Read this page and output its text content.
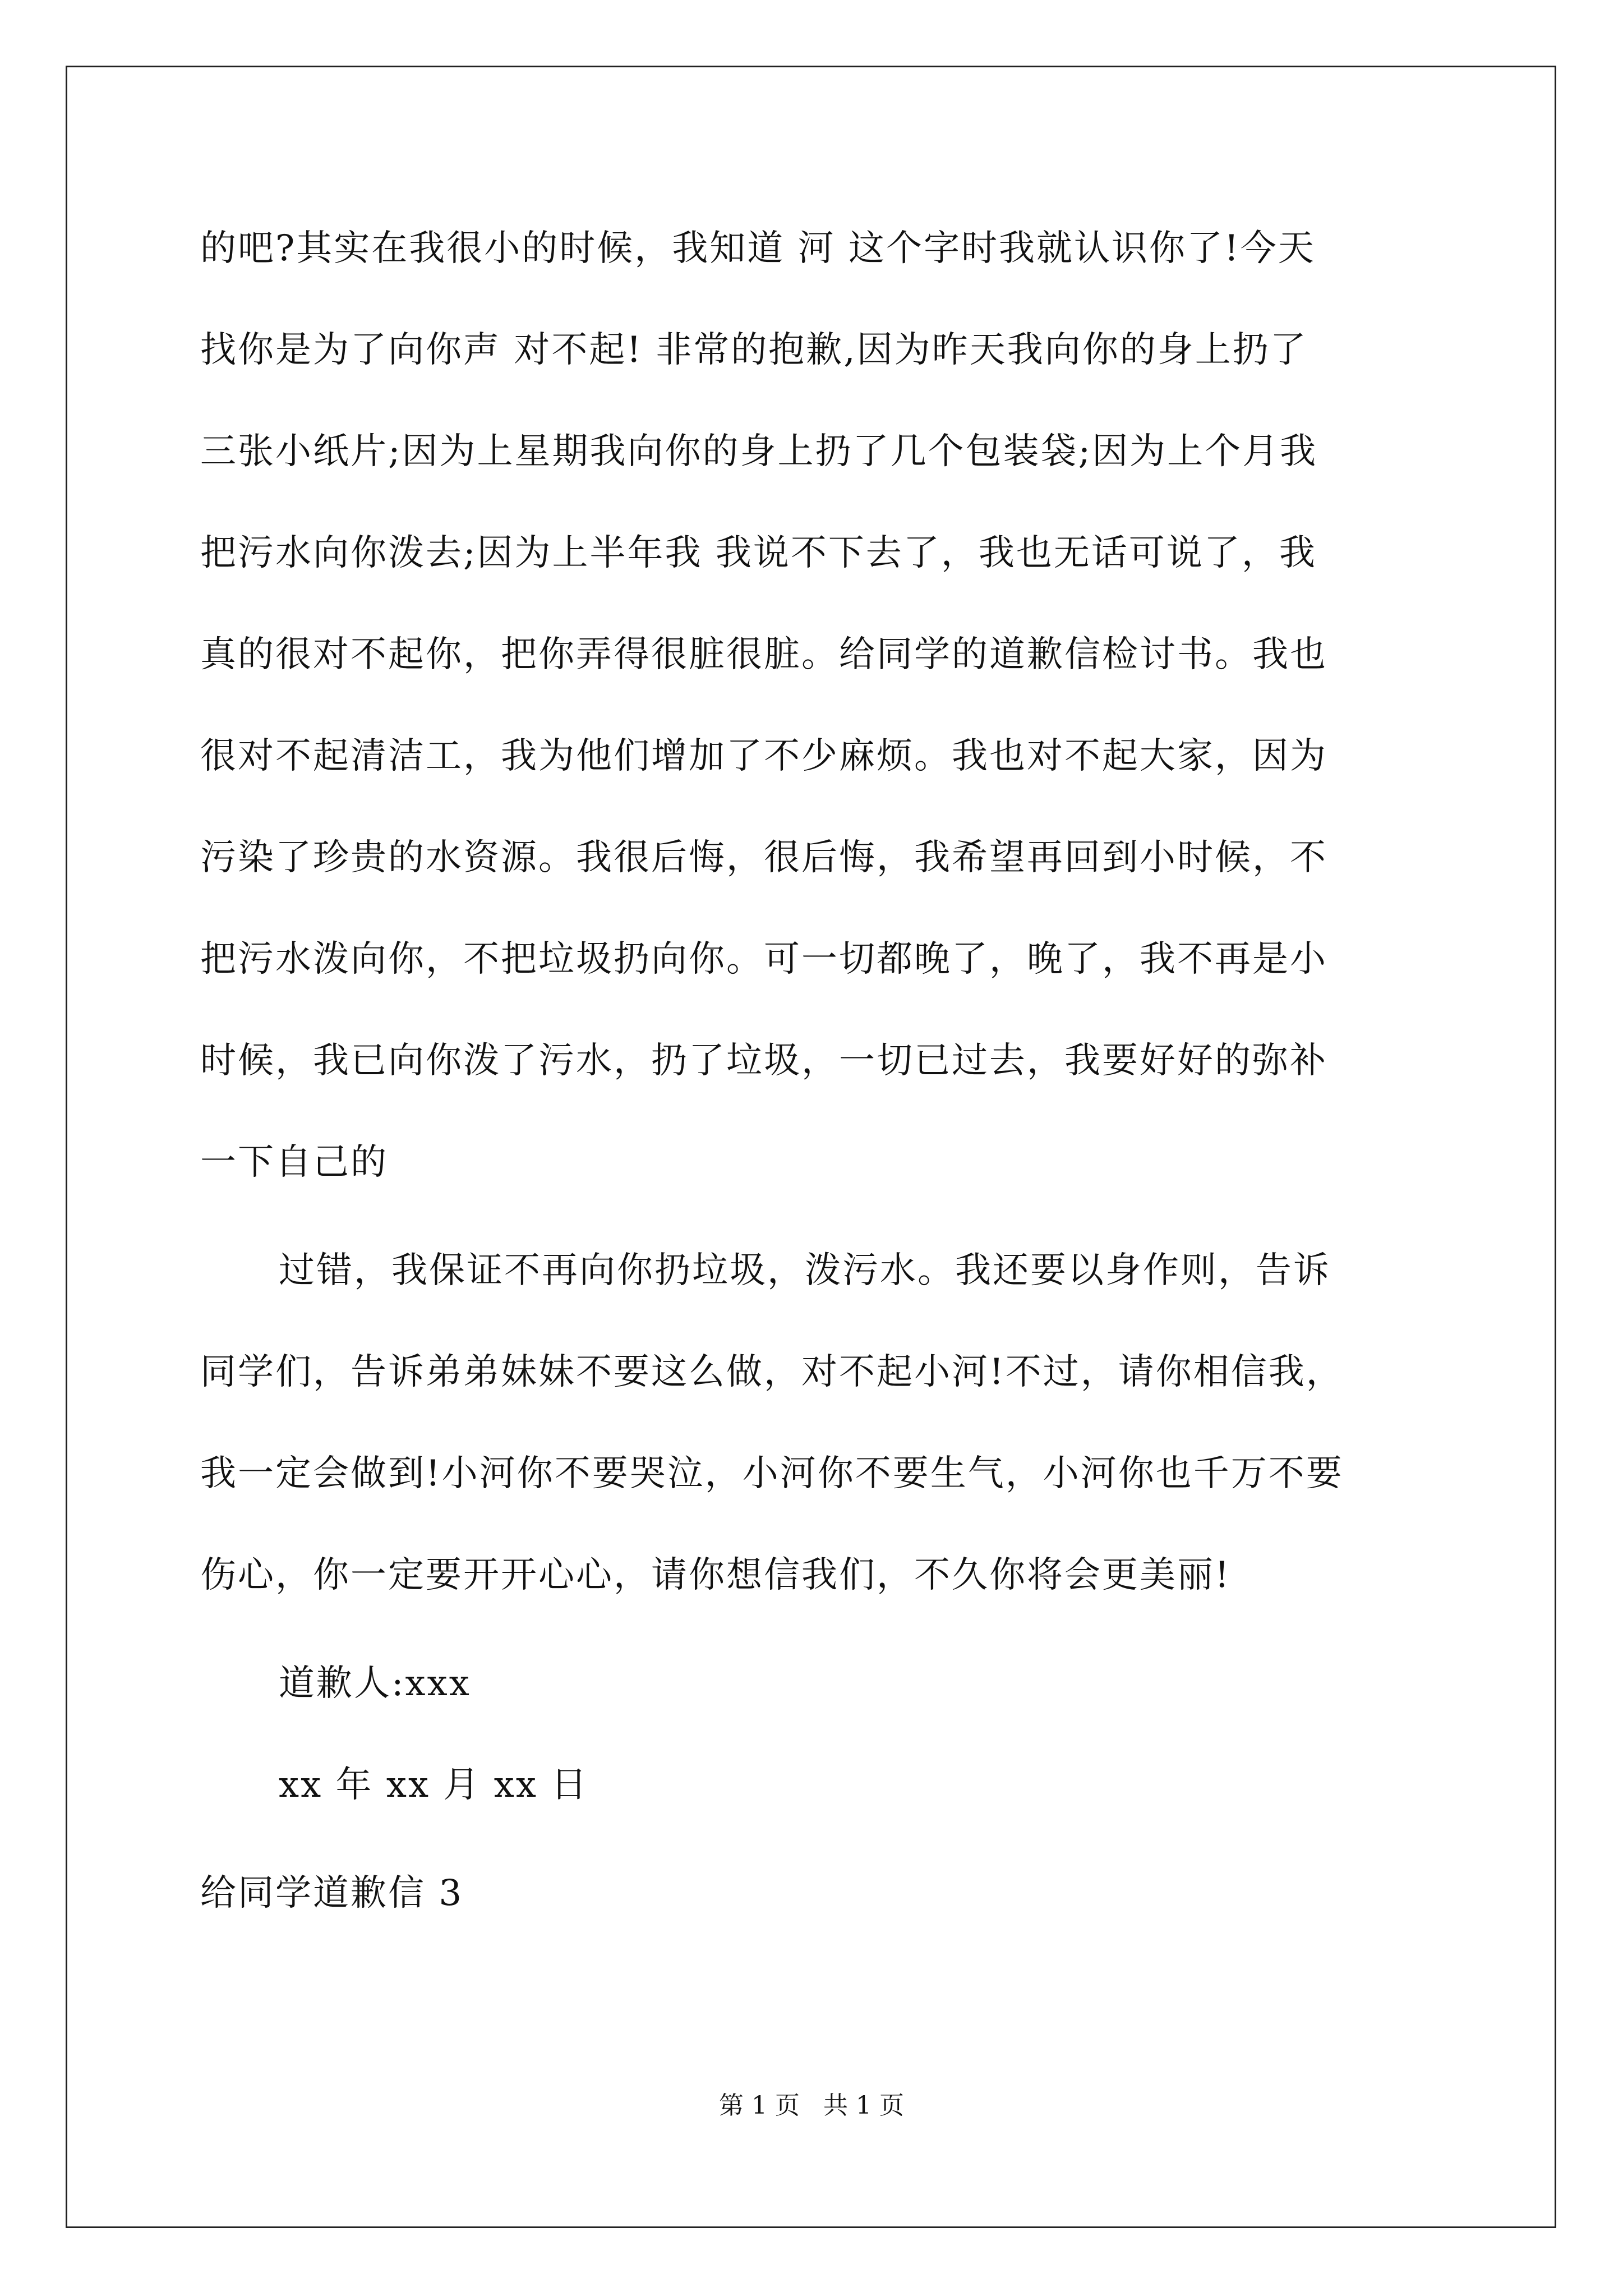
的吧?其实在我很小的时候，我知道 河 这个字时我就认识你了!今天

找你是为了向你声 对不起! 非常的抱歉,因为昨天我向你的身上扔了

三张小纸片;因为上星期我向你的身上扔了几个包装袋;因为上个月我

把污水向你泼去;因为上半年我 我说不下去了，我也无话可说了，我

真的很对不起你，把你弄得很脏很脏。给同学的道歉信检讨书。我也

很对不起清洁工，我为他们增加了不少麻烦。我也对不起大家，因为

污染了珍贵的水资源。我很后悔，很后悔，我希望再回到小时候，不

把污水泼向你，不把垃圾扔向你。可一切都晚了，晚了，我不再是小

时候，我已向你泼了污水，扔了垃圾，一切已过去，我要好好的弥补

一下自己的

过错，我保证不再向你扔垃圾，泼污水。我还要以身作则，告诉

同学们，告诉弟弟妹妹不要这么做，对不起小河!不过，请你相信我，

我一定会做到!小河你不要哭泣，小河你不要生气，小河你也千万不要

伤心，你一定要开开心心，请你想信我们，不久你将会更美丽!

道歉人:xxx

xx 年 xx 月 xx 日

给同学道歉信 3

第 1 页   共 1 页
